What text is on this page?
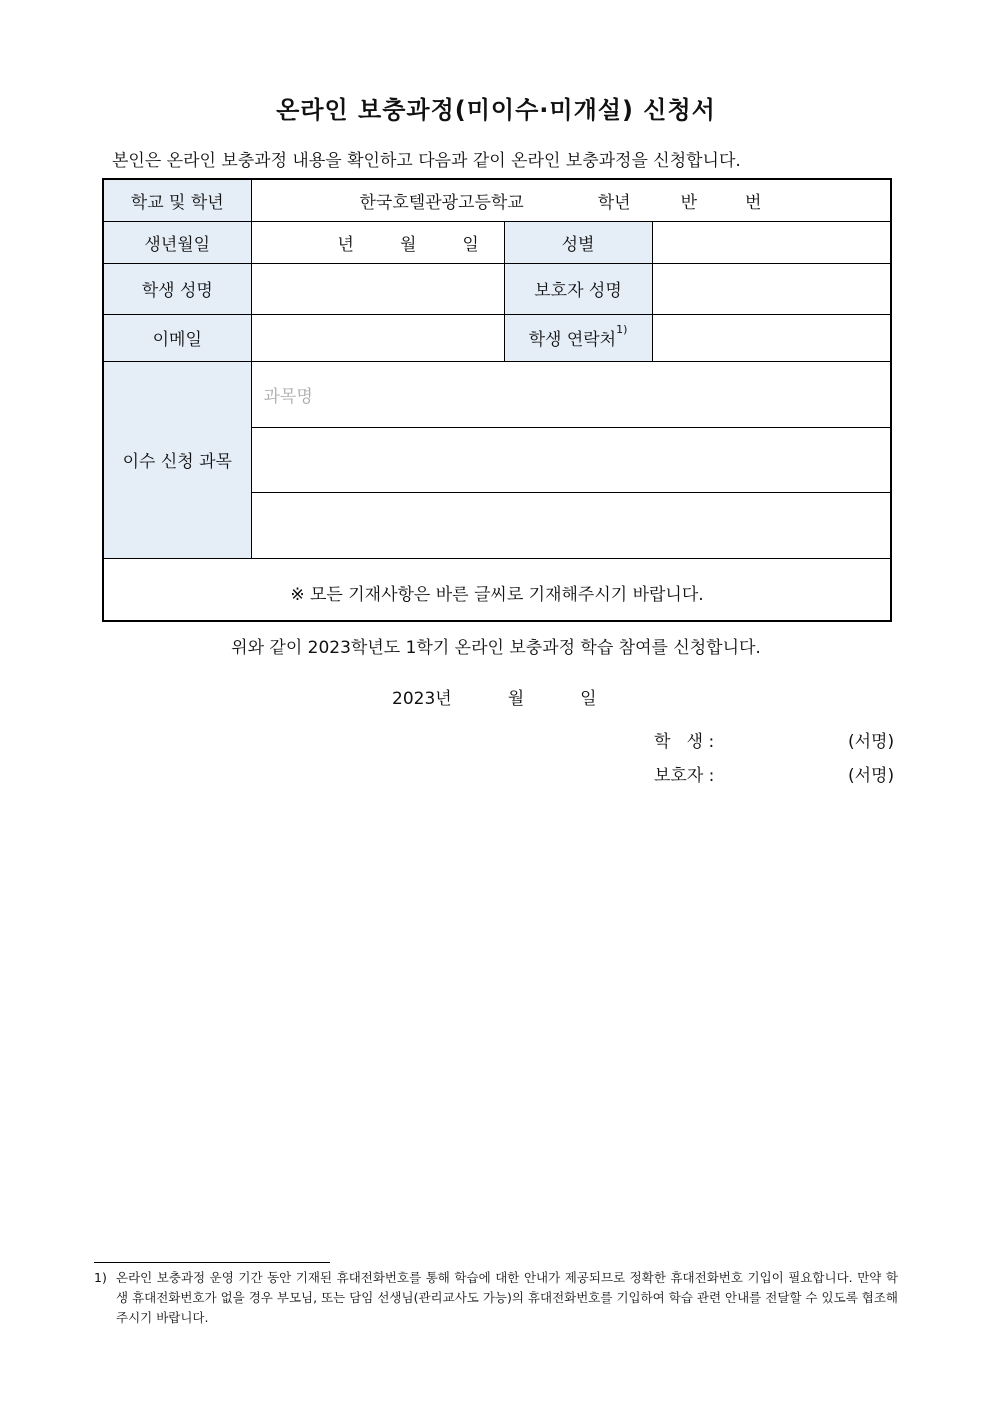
온라인 보충과정(미이수·미개설) 신청서
본인은 온라인 보충과정 내용을 확인하고 다음과 같이 온라인 보충과정을 신청합니다.
학교 및 학년	한국호텔관광고등학교 학년 반 번		
생년월일	년 월 일	성별	
학생 성명		보호자 성명	
이메일		학생 연락처$^{1)}$	
이수 신청 과목	과목명		

※ 모든 기재사항은 바른 글씨로 기재해주시기 바랍니다.			
위와 같이 2023학년도 1학기 온라인 보충과정 학습 참여를 신청합니다.
2023년	월	일
학   생 :	(서명)
보호자 :	(서명)
1) 온라인 보충과정 운영 기간 동안 기재된 휴대전화번호를 통해 학습에 대한 안내가 제공되므로 정확한 휴대전화번호 기입이 필요합니다. 만약 학생 휴대전화번호가 없을 경우 부모님, 또는 담임 선생님(관리교사도 가능)의 휴대전화번호를 기입하여 학습 관련 안내를 전달할 수 있도록 협조해주시기 바랍니다.
